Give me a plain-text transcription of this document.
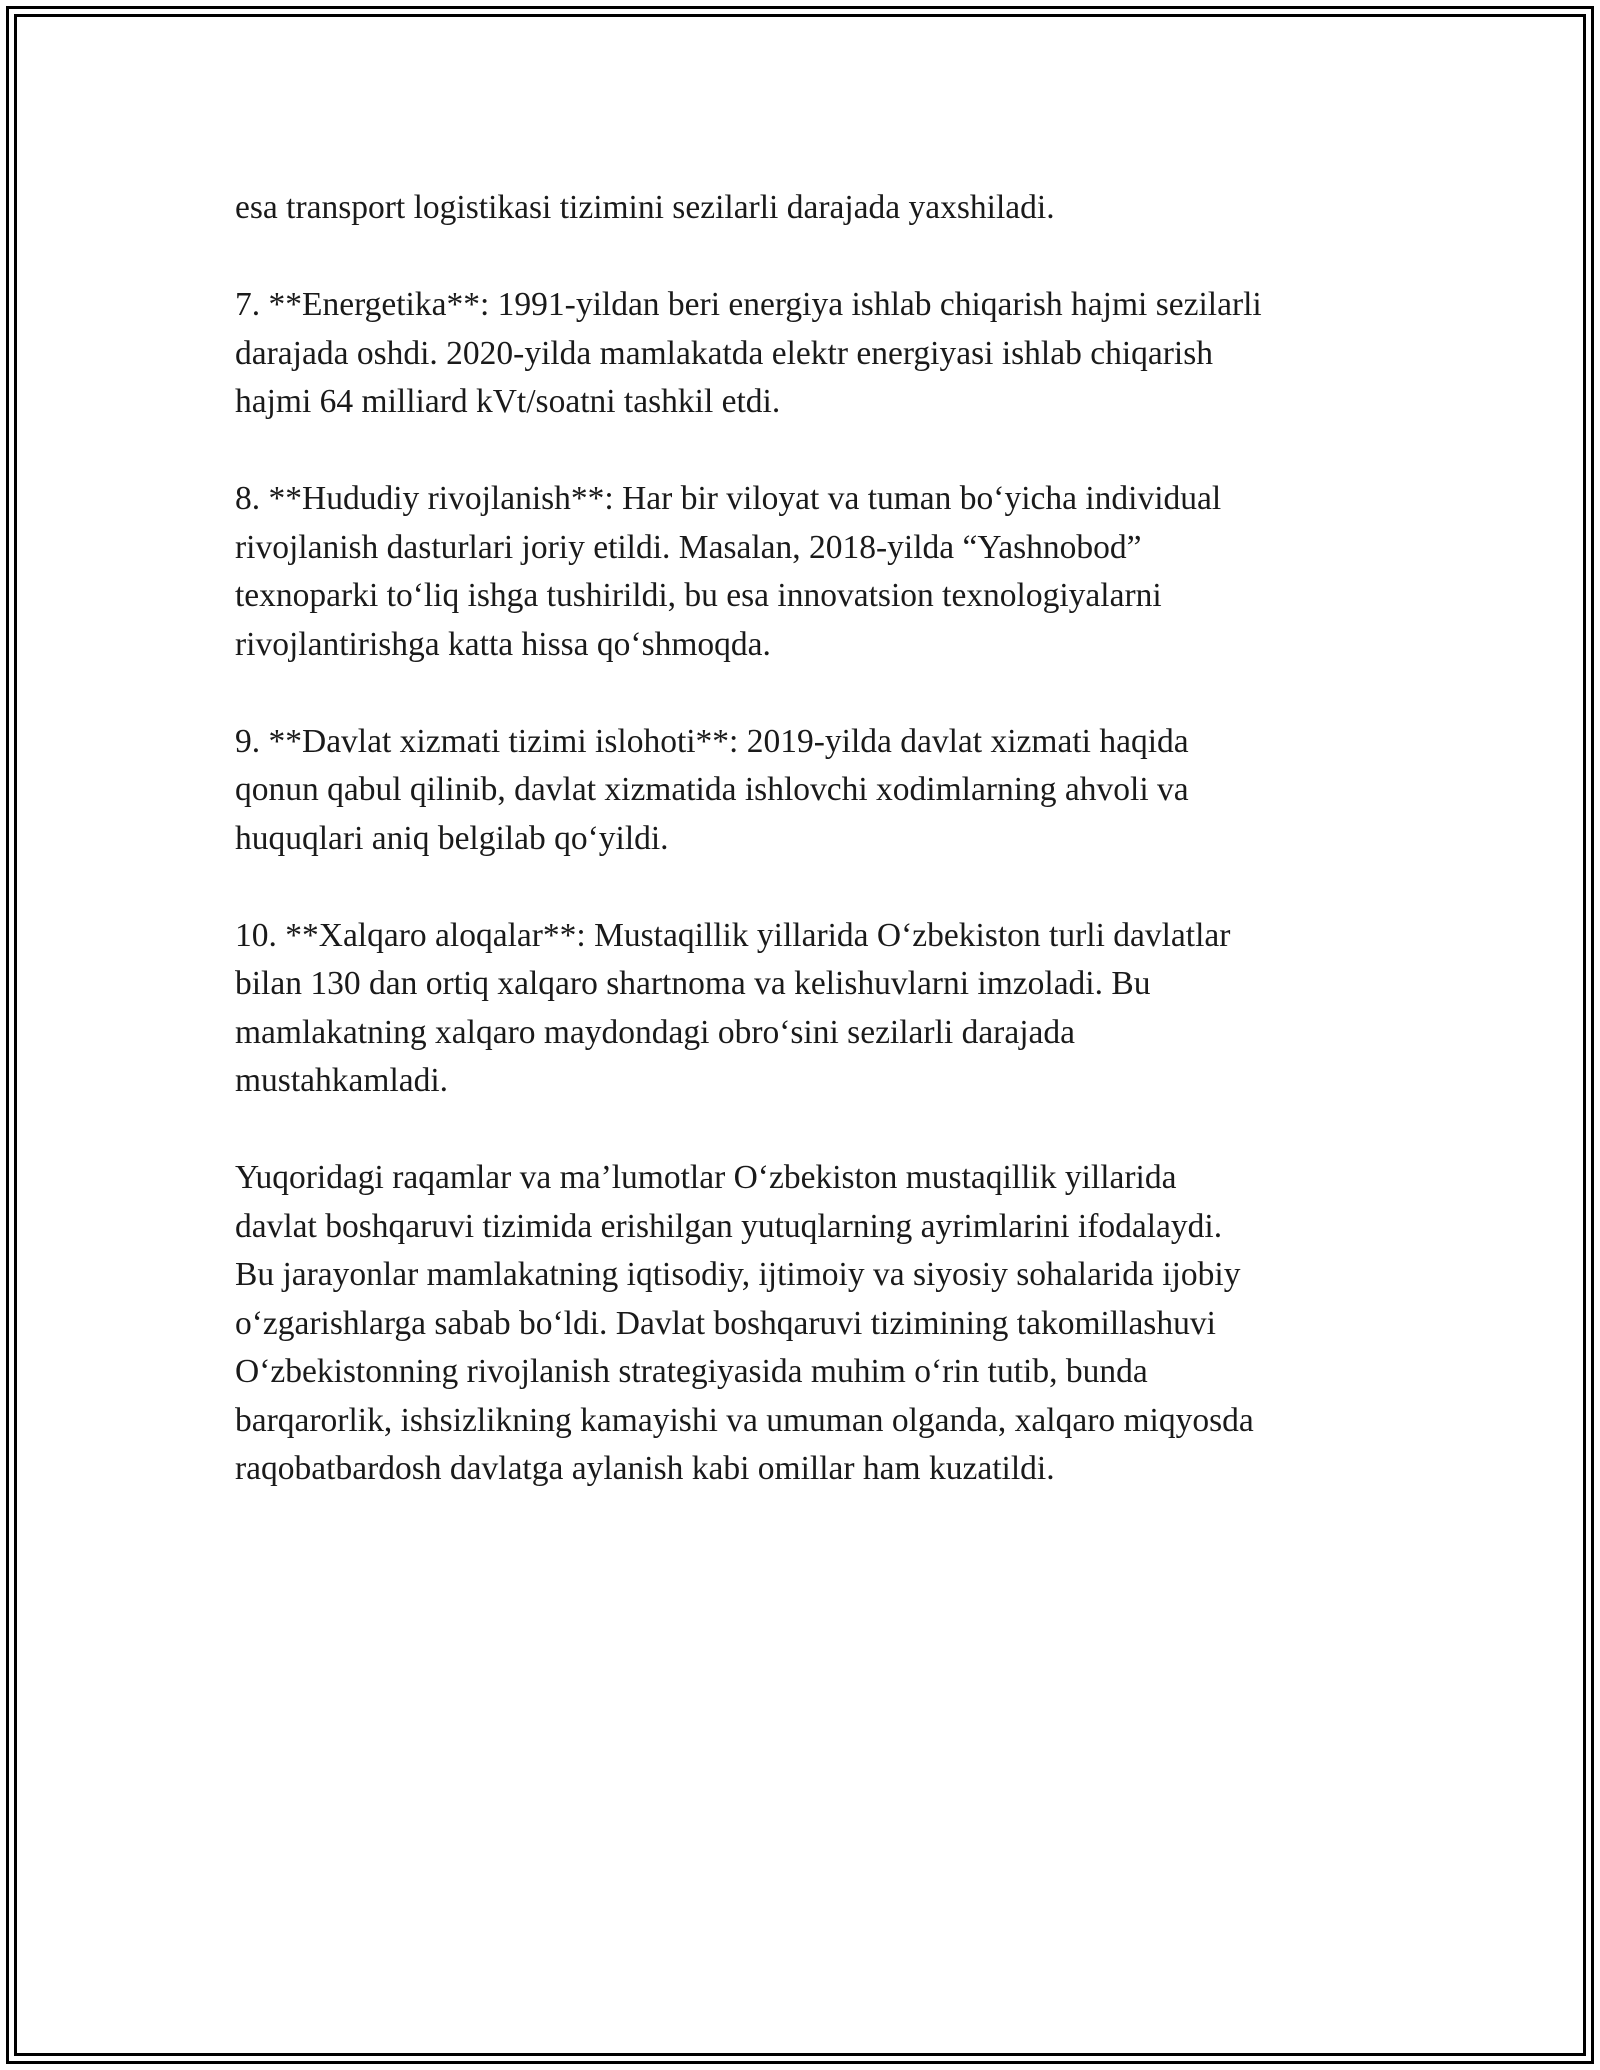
esa transport logistikasi tizimini sezilarli darajada yaxshiladi.

7. **Energetika**: 1991-yildan beri energiya ishlab chiqarish hajmi sezilarli
darajada oshdi. 2020-yilda mamlakatda elektr energiyasi ishlab chiqarish
hajmi 64 milliard kVt/soatni tashkil etdi.

8. **Hududiy rivojlanish**: Har bir viloyat va tuman bo‘yicha individual
rivojlanish dasturlari joriy etildi. Masalan, 2018-yilda “Yashnobod”
texnoparki to‘liq ishga tushirildi, bu esa innovatsion texnologiyalarni
rivojlantirishga katta hissa qo‘shmoqda.

9. **Davlat xizmati tizimi islohoti**: 2019-yilda davlat xizmati haqida
qonun qabul qilinib, davlat xizmatida ishlovchi xodimlarning ahvoli va
huquqlari aniq belgilab qo‘yildi.

10. **Xalqaro aloqalar**: Mustaqillik yillarida O‘zbekiston turli davlatlar
bilan 130 dan ortiq xalqaro shartnoma va kelishuvlarni imzoladi. Bu
mamlakatning xalqaro maydondagi obro‘sini sezilarli darajada
mustahkamladi.

Yuqoridagi raqamlar va ma’lumotlar O‘zbekiston mustaqillik yillarida
davlat boshqaruvi tizimida erishilgan yutuqlarning ayrimlarini ifodalaydi.
Bu jarayonlar mamlakatning iqtisodiy, ijtimoiy va siyosiy sohalarida ijobiy
o‘zgarishlarga sabab bo‘ldi. Davlat boshqaruvi tizimining takomillashuvi
O‘zbekistonning rivojlanish strategiyasida muhim o‘rin tutib, bunda
barqarorlik, ishsizlikning kamayishi va umuman olganda, xalqaro miqyosda
raqobatbardosh davlatga aylanish kabi omillar ham kuzatildi.
